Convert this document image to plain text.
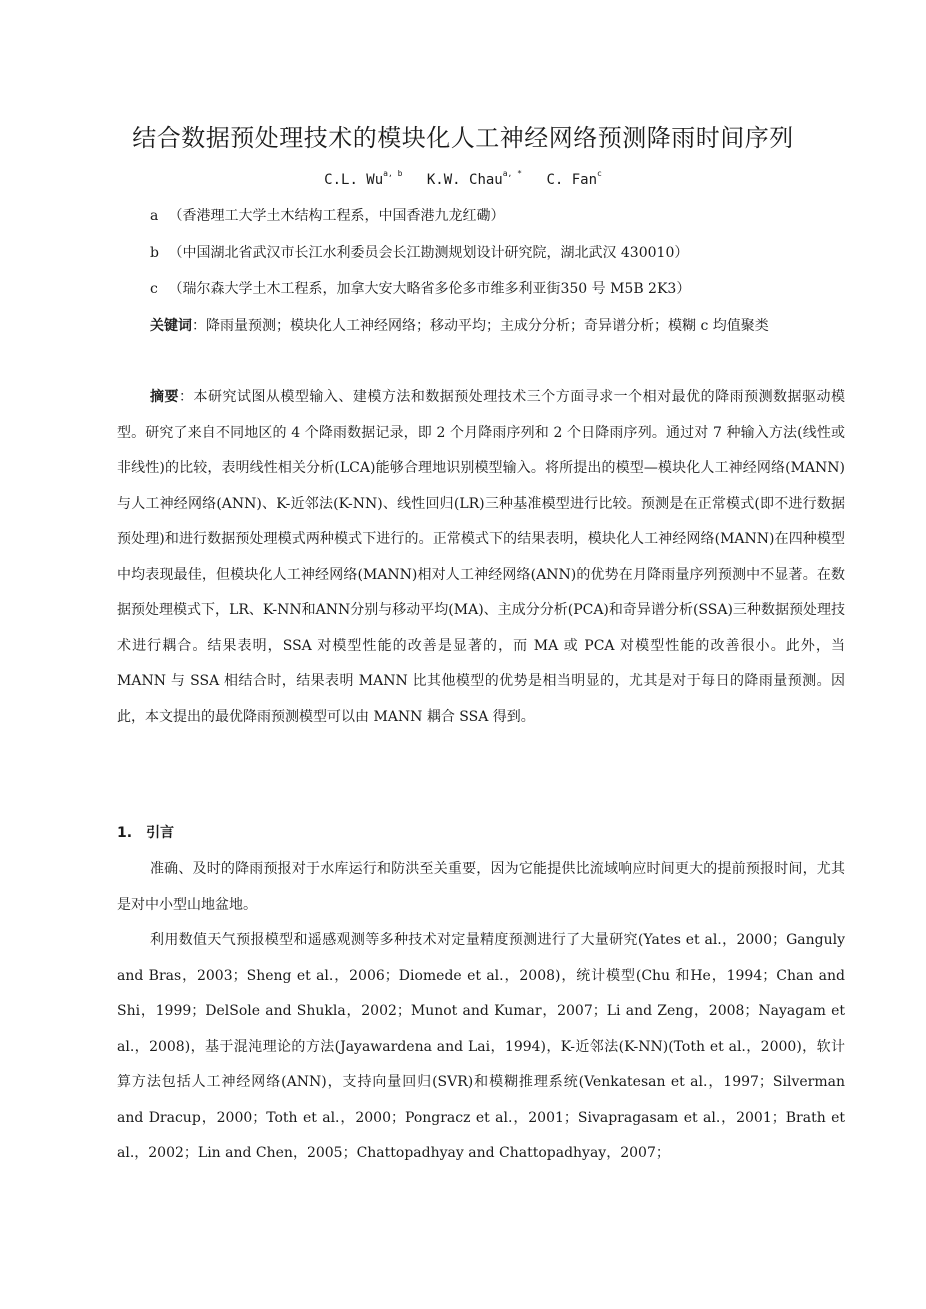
结合数据预处理技术的模块化人工神经网络预测降雨时间序列
C.L. Wu$^{a, b}$ K.W. Chau$^{a, *}$ C. Fan$^c$
a （香港理工大学土木结构工程系，中国香港九龙红磡）
b （中国湖北省武汉市长江水利委员会长江勘测规划设计研究院，湖北武汉 430010）
c （瑞尔森大学土木工程系，加拿大安大略省多伦多市维多利亚街350 号 M5B 2K3）

关键词：降雨量预测；模块化人工神经网络；移动平均；主成分分析；奇异谱分析；模糊 c 均值聚类

摘要：本研究试图从模型输入、建模方法和数据预处理技术三个方面寻求一个相对最优的降雨预测数据驱动模型。研究了来自不同地区的 4 个降雨数据记录，即 2 个月降雨序列和 2 个日降雨序列。通过对 7 种输入方法(线性或非线性)的比较，表明线性相关分析(LCA)能够合理地识别模型输入。将所提出的模型—模块化人工神经网络(MANN)与人工神经网络(ANN)、K-近邻法(K-NN)、线性回归(LR)三种基准模型进行比较。预测是在正常模式(即不进行数据预处理)和进行数据预处理模式两种模式下进行的。正常模式下的结果表明，模块化人工神经网络(MANN)在四种模型中均表现最佳，但模块化人工神经网络(MANN)相对人工神经网络(ANN)的优势在月降雨量序列预测中不显著。在数据预处理模式下，LR、K-NN和ANN分别与移动平均(MA)、主成分分析(PCA)和奇异谱分析(SSA)三种数据预处理技术进行耦合。结果表明，SSA 对模型性能的改善是显著的，而 MA 或 PCA 对模型性能的改善很小。此外，当 MANN 与 SSA 相结合时，结果表明 MANN 比其他模型的优势是相当明显的，尤其是对于每日的降雨量预测。因此，本文提出的最优降雨预测模型可以由 MANN 耦合 SSA 得到。

1. 引言

准确、及时的降雨预报对于水库运行和防洪至关重要，因为它能提供比流域响应时间更大的提前预报时间，尤其是对中小型山地盆地。

利用数值天气预报模型和遥感观测等多种技术对定量精度预测进行了大量研究(Yates et al.，2000；Ganguly and Bras，2003；Sheng et al.，2006；Diomede et al.，2008)，统计模型(Chu 和He，1994；Chan and Shi，1999；DelSole and Shukla，2002；Munot and Kumar，2007；Li and Zeng，2008；Nayagam et al.，2008)，基于混沌理论的方法(Jayawardena and Lai，1994)，K-近邻法(K-NN)(Toth et al.，2000)，软计算方法包括人工神经网络(ANN)，支持向量回归(SVR)和模糊推理系统(Venkatesan et al.，1997；Silverman and Dracup，2000；Toth et al.，2000；Pongracz et al.，2001；Sivapragasam et al.，2001；Brath et al.，2002；Lin and Chen，2005；Chattopadhyay and Chattopadhyay，2007；
